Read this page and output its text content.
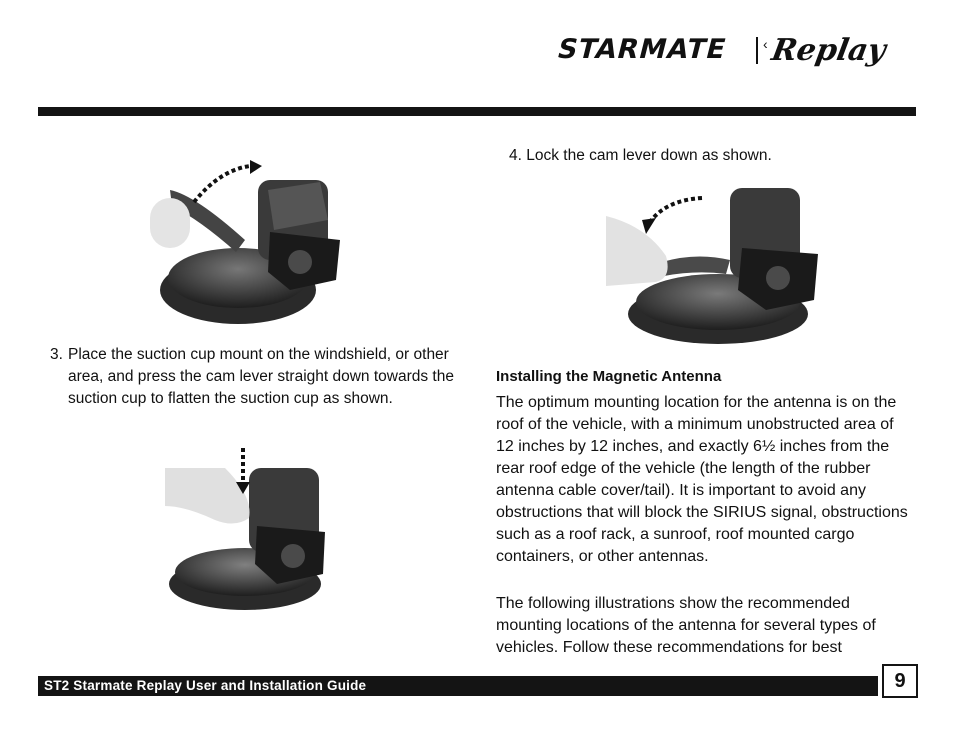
STARMATE ‹ Replay
3. Place the suction cup mount on the windshield, or other area, and press the cam lever straight down towards the suction cup to flatten the suction cup as shown.
4. Lock the cam lever down as shown.
Installing the Magnetic Antenna
The optimum mounting location for the antenna is on the roof of the vehicle, with a minimum unobstructed area of 12 inches by 12 inches, and exactly 6½ inches from the rear roof edge of the vehicle (the length of the rubber antenna cable cover/tail). It is important to avoid any obstructions that will block the SIRIUS signal, obstructions such as a roof rack, a sunroof, roof mounted cargo containers, or other antennas.
The following illustrations show the recommended mounting locations of the antenna for several types of vehicles. Follow these recommendations for best
ST2 Starmate Replay User and Installation Guide	9
